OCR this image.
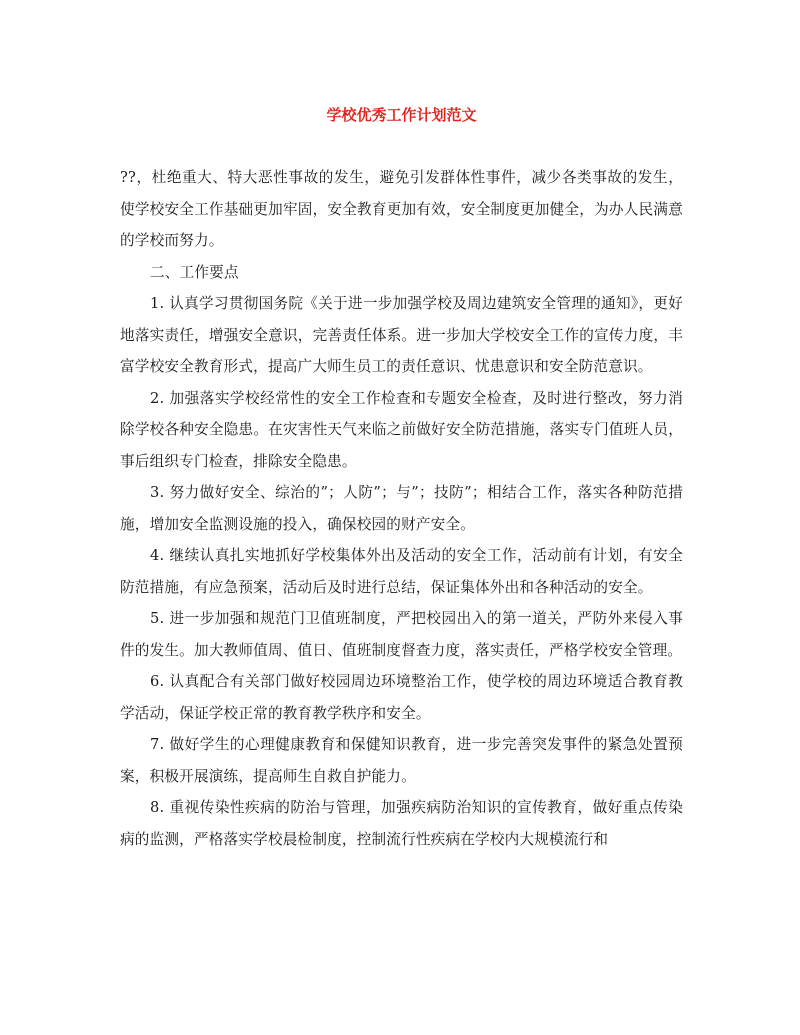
学校优秀工作计划范文

??，杜绝重大、特大恶性事故的发生，避免引发群体性事件，减少各类事故的发生，使学校安全工作基础更加牢固，安全教育更加有效，安全制度更加健全，为办人民满意的学校而努力。

二、工作要点

1. 认真学习贯彻国务院《关于进一步加强学校及周边建筑安全管理的通知》，更好地落实责任，增强安全意识，完善责任体系。进一步加大学校安全工作的宣传力度，丰富学校安全教育形式，提高广大师生员工的责任意识、忧患意识和安全防范意识。

2. 加强落实学校经常性的安全工作检查和专题安全检查，及时进行整改，努力消除学校各种安全隐患。在灾害性天气来临之前做好安全防范措施，落实专门值班人员，事后组织专门检查，排除安全隐患。

3. 努力做好安全、综治的”；人防”；与”；技防”；相结合工作，落实各种防范措施，增加安全监测设施的投入，确保校园的财产安全。

4. 继续认真扎实地抓好学校集体外出及活动的安全工作，活动前有计划，有安全防范措施，有应急预案，活动后及时进行总结，保证集体外出和各种活动的安全。

5. 进一步加强和规范门卫值班制度，严把校园出入的第一道关，严防外来侵入事件的发生。加大教师值周、值日、值班制度督查力度，落实责任，严格学校安全管理。

6. 认真配合有关部门做好校园周边环境整治工作，使学校的周边环境适合教育教学活动，保证学校正常的教育教学秩序和安全。

7. 做好学生的心理健康教育和保健知识教育，进一步完善突发事件的紧急处置预案，积极开展演练，提高师生自救自护能力。

8. 重视传染性疾病的防治与管理，加强疾病防治知识的宣传教育，做好重点传染病的监测，严格落实学校晨检制度，控制流行性疾病在学校内大规模流行和
